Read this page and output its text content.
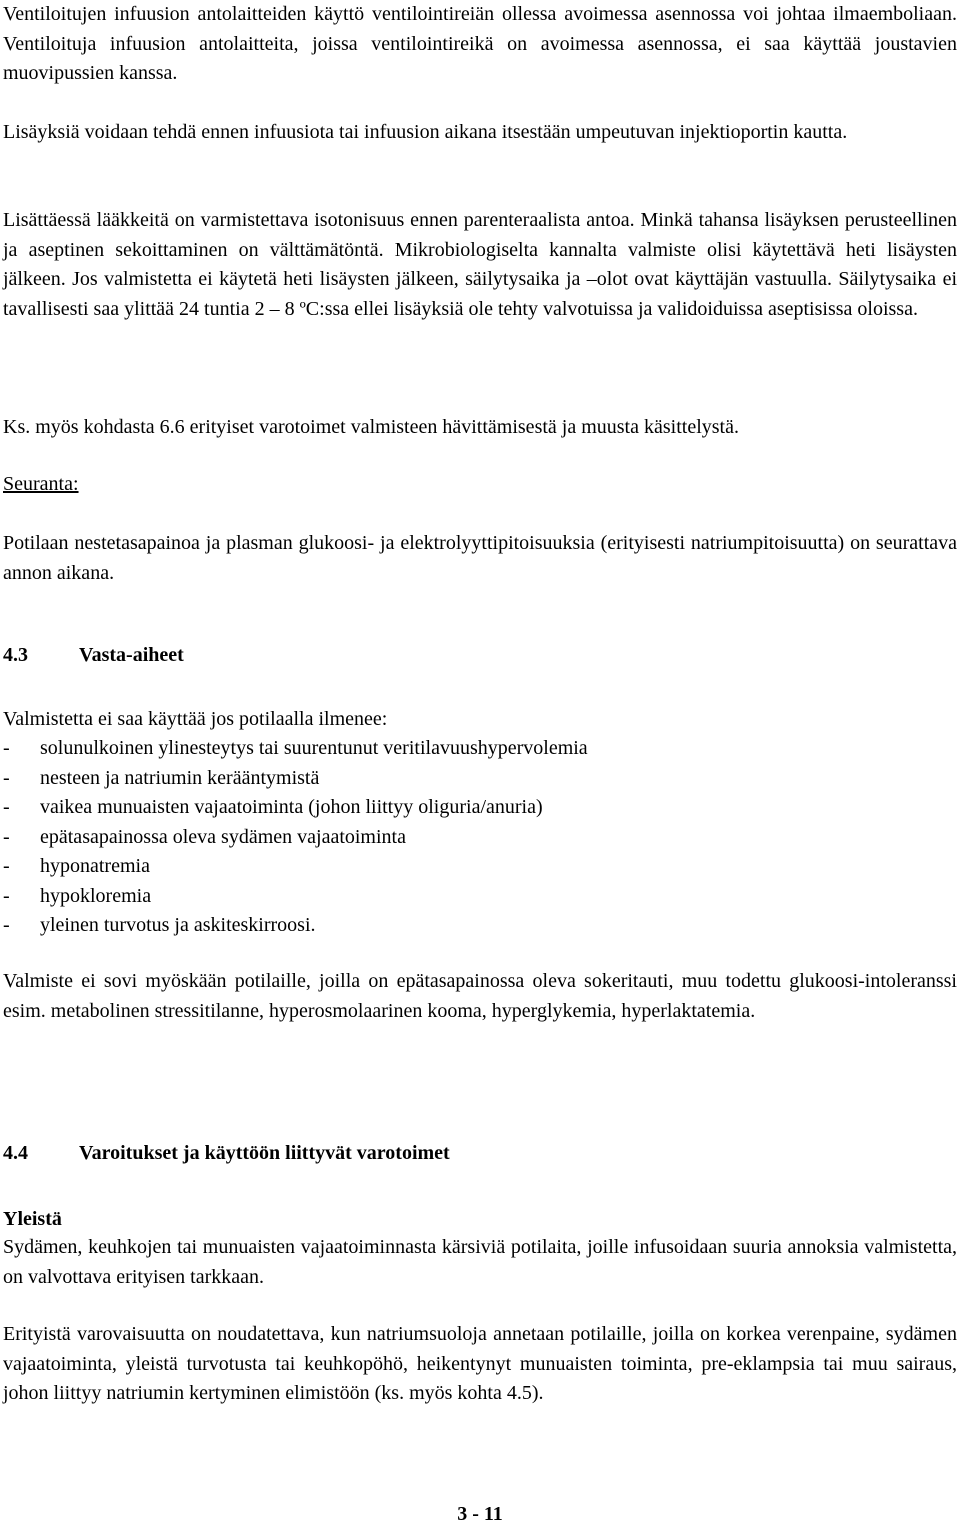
Ventiloitujen infuusion antolaitteiden käyttö ventilointireiän ollessa avoimessa asennossa voi johtaa ilmaemboliaan. Ventiloituja infuusion antolaitteita, joissa ventilointireikä on avoimessa asennossa, ei saa käyttää joustavien muovipussien kanssa.

Lisäyksiä voidaan tehdä ennen infuusiota tai infuusion aikana itsestään umpeutuvan injektioportin kautta.

Lisättäessä lääkkeitä on varmistettava isotonisuus ennen parenteraalista antoa. Minkä tahansa lisäyksen perusteellinen ja aseptinen sekoittaminen on välttämätöntä. Mikrobiologiselta kannalta valmiste olisi käytettävä heti lisäysten jälkeen. Jos valmistetta ei käytetä heti lisäysten jälkeen, säilytysaika ja –olot ovat käyttäjän vastuulla. Säilytysaika ei tavallisesti saa ylittää 24 tuntia 2 – 8 ºC:ssa ellei lisäyksiä ole tehty valvotuissa ja validoiduissa aseptisissa oloissa.

Ks. myös kohdasta 6.6 erityiset varotoimet valmisteen hävittämisestä ja muusta käsittelystä.

Seuranta:

Potilaan nestetasapainoa ja plasman glukoosi- ja elektrolyyttipitoisuuksia (erityisesti natriumpitoisuutta) on seurattava annon aikana.

4.3	Vasta-aiheet

Valmistetta ei saa käyttää jos potilaalla ilmenee:

- solunulkoinen ylinesteytys tai suurentunut veritilavuushypervolemia
- nesteen ja natriumin kerääntymistä
- vaikea munuaisten vajaatoiminta (johon liittyy oliguria/anuria)
- epätasapainossa oleva sydämen vajaatoiminta
- hyponatremia
- hypokloremia
- yleinen turvotus ja askiteskirroosi.

Valmiste ei sovi myöskään potilaille, joilla on epätasapainossa oleva sokeritauti, muu todettu glukoosi-intoleranssi esim. metabolinen stressitilanne, hyperosmolaarinen kooma, hyperglykemia, hyperlaktatemia.

4.4	Varoitukset ja käyttöön liittyvät varotoimet

Yleistä

Sydämen, keuhkojen tai munuaisten vajaatoiminnasta kärsiviä potilaita, joille infusoidaan suuria annoksia valmistetta, on valvottava erityisen tarkkaan.

Erityistä varovaisuutta on noudatettava, kun natriumsuoloja annetaan potilaille, joilla on korkea verenpaine, sydämen vajaatoiminta, yleistä turvotusta tai keuhkopöhö, heikentynyt munuaisten toiminta, pre-eklampsia tai muu sairaus, johon liittyy natriumin kertyminen elimistöön (ks. myös kohta 4.5).

3 - 11
